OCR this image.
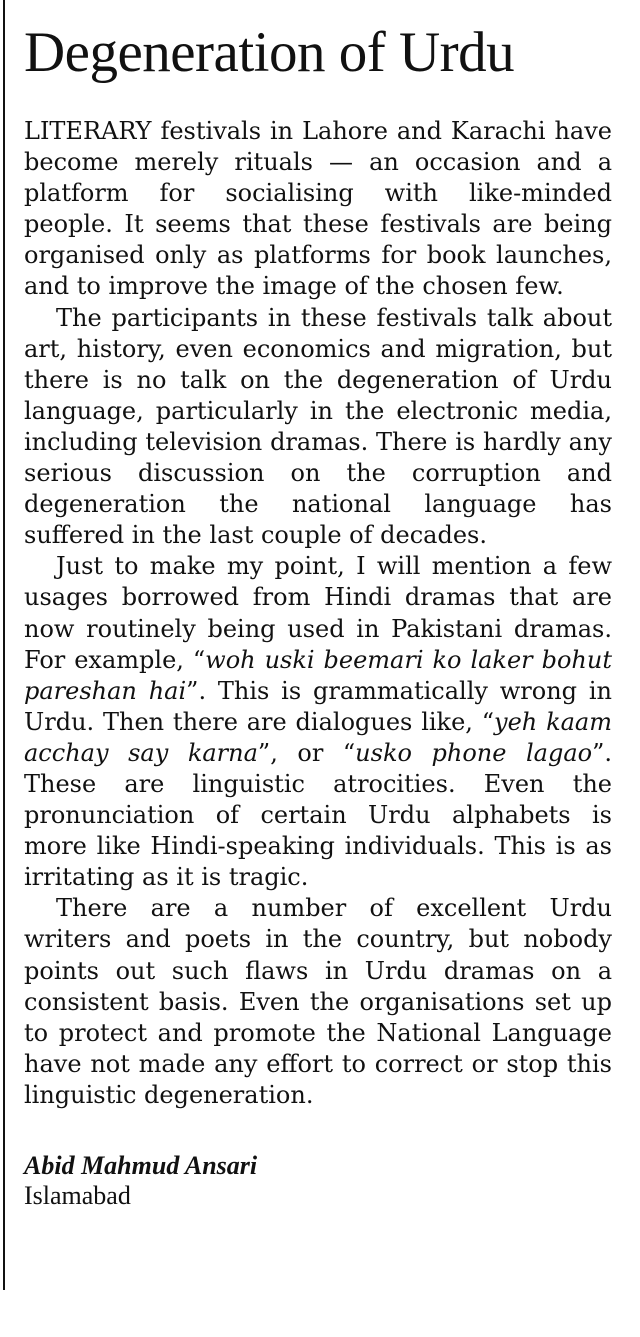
Degeneration of Urdu

LITERARY festivals in Lahore and Karachi have become merely rituals — an occasion and a platform for socialising with like-minded people. It seems that these festivals are being organised only as platforms for book launches, and to improve the image of the chosen few.

The participants in these festivals talk about art, history, even economics and migration, but there is no talk on the degeneration of Urdu language, particularly in the electronic media, including television dramas. There is hardly any serious discussion on the corruption and degeneration the national language has suffered in the last couple of decades.

Just to make my point, I will mention a few usages borrowed from Hindi dramas that are now routinely being used in Pakistani dramas. For example, “woh uski beemari ko laker bohut pareshan hai”. This is grammatically wrong in Urdu. Then there are dialogues like, “yeh kaam acchay say karna”, or “usko phone lagao”. These are linguistic atrocities. Even the pronunciation of certain Urdu alphabets is more like Hindi-speaking individuals. This is as irritating as it is tragic.

There are a number of excellent Urdu writers and poets in the country, but nobody points out such flaws in Urdu dramas on a consistent basis. Even the organisations set up to protect and promote the National Language have not made any effort to correct or stop this linguistic degeneration.

Abid Mahmud Ansari
Islamabad
